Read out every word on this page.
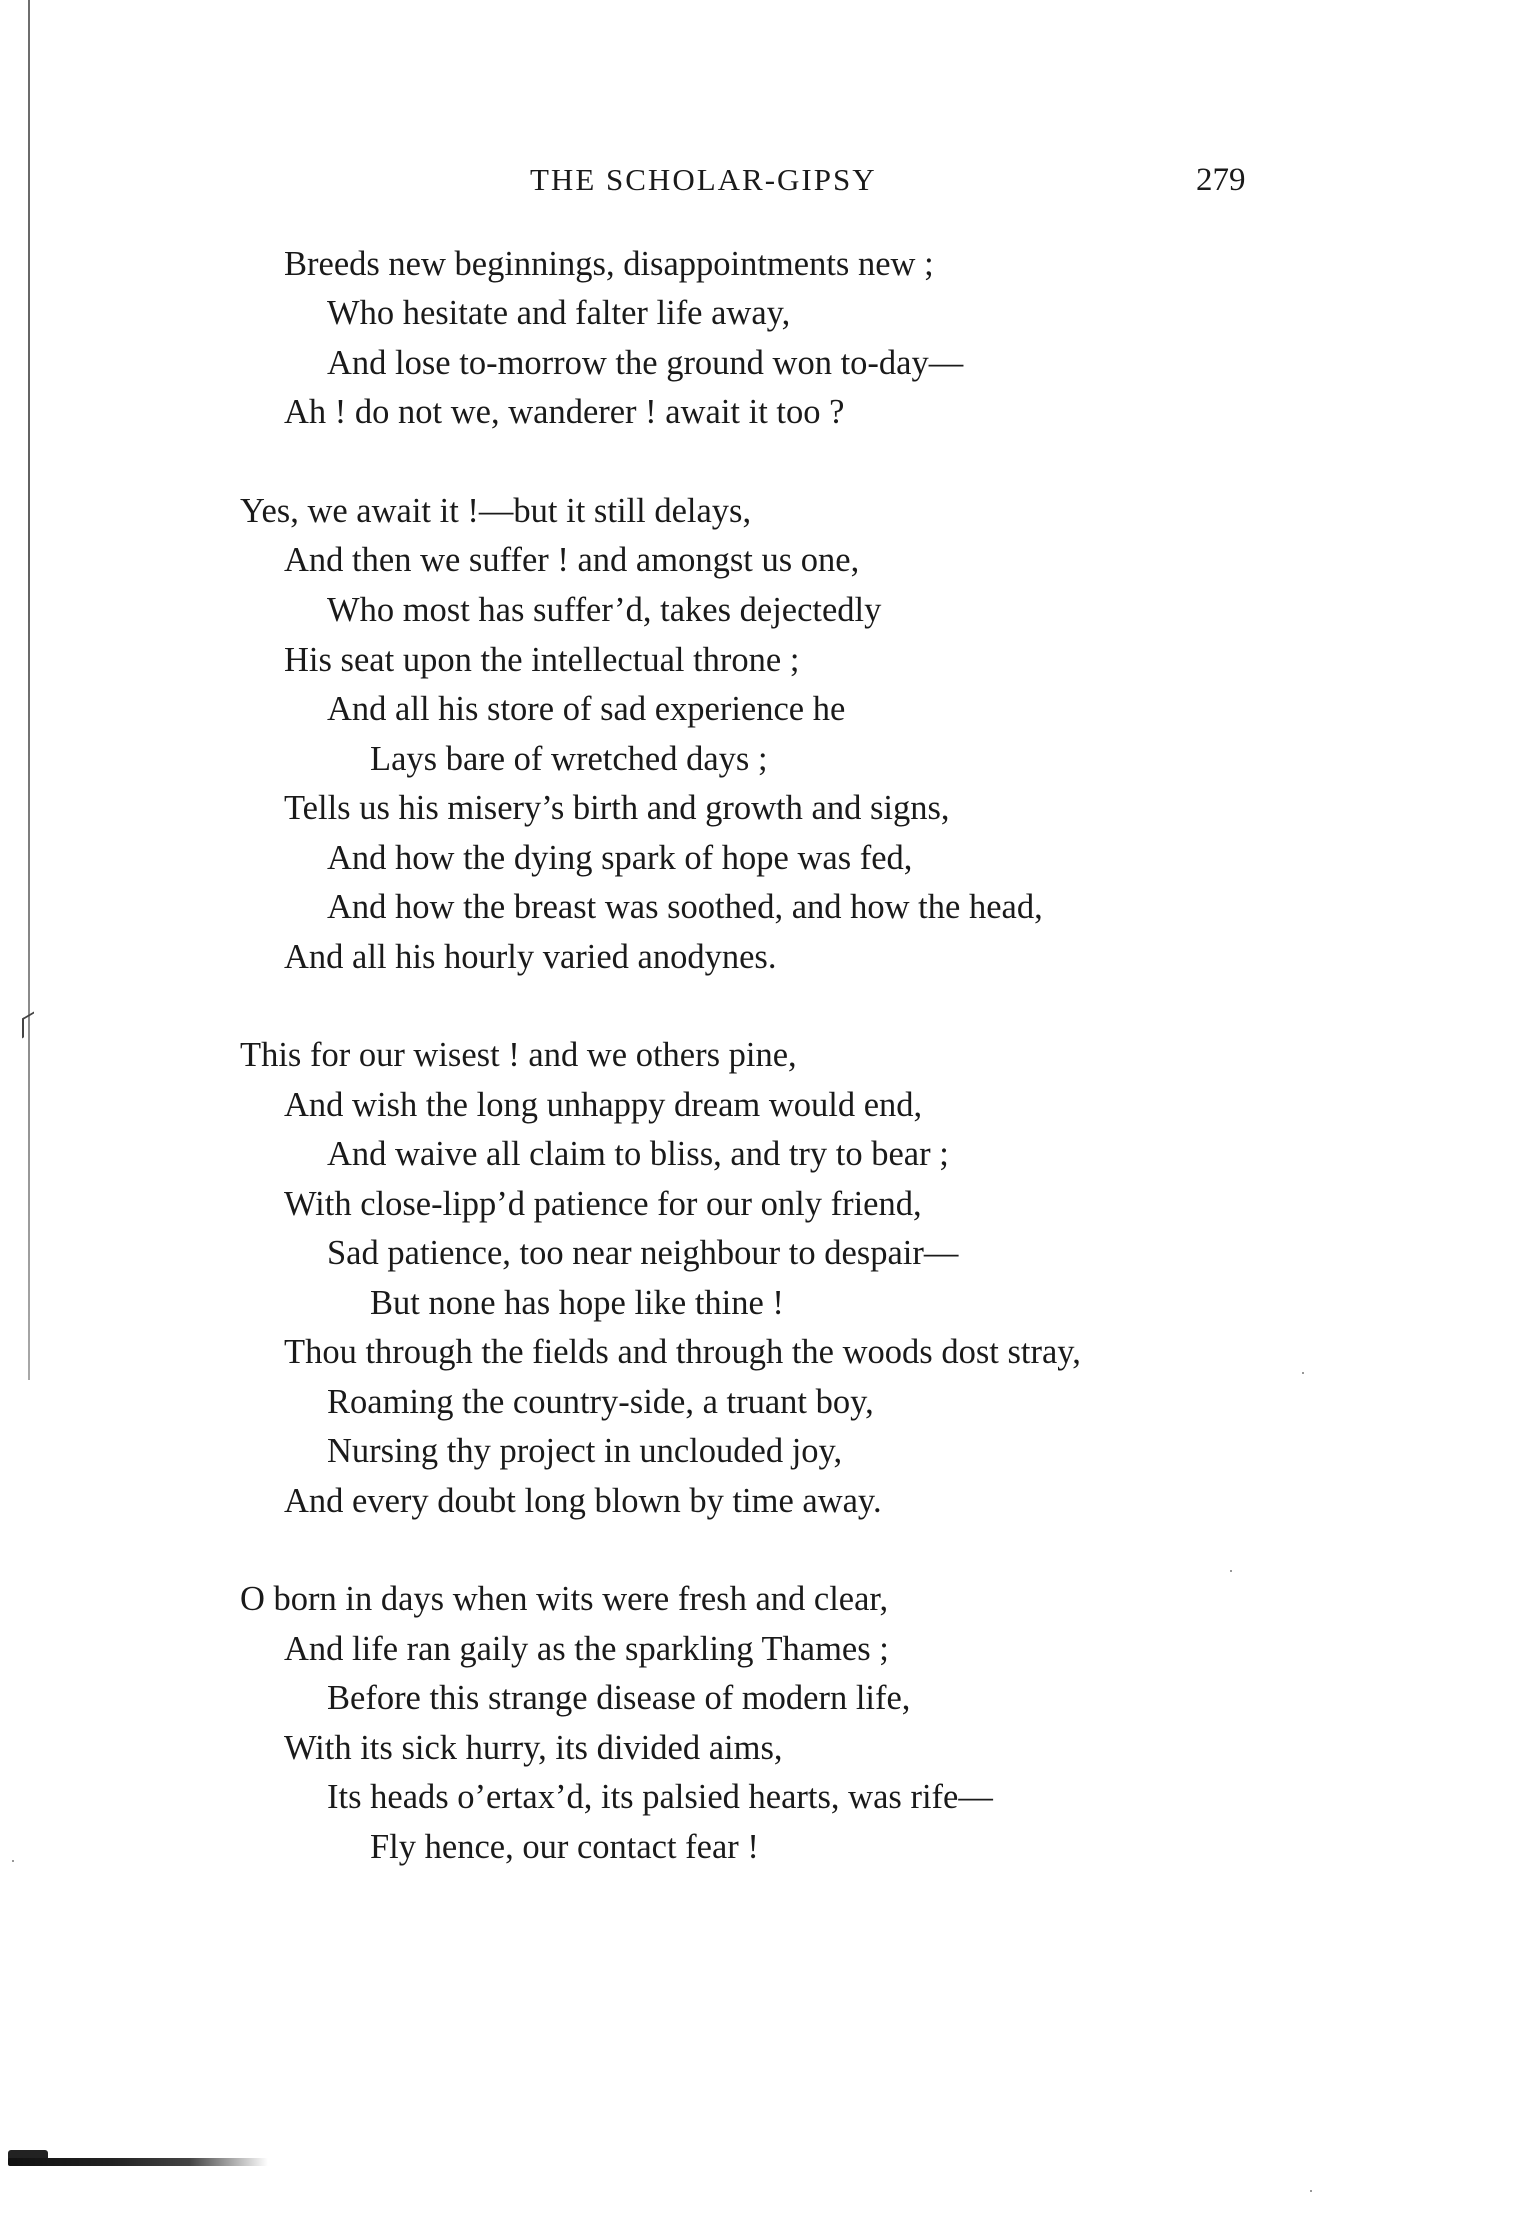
THE SCHOLAR-GIPSY	279
Breeds new beginnings, disappointments new ;
Who hesitate and falter life away,
And lose to-morrow the ground won to-day—
Ah ! do not we, wanderer ! await it too ?
Yes, we await it !—but it still delays,
And then we suffer ! and amongst us one,
Who most has suffer’d, takes dejectedly
His seat upon the intellectual throne ;
And all his store of sad experience he
Lays bare of wretched days ;
Tells us his misery’s birth and growth and signs,
And how the dying spark of hope was fed,
And how the breast was soothed, and how the head,
And all his hourly varied anodynes.
This for our wisest ! and we others pine,
And wish the long unhappy dream would end,
And waive all claim to bliss, and try to bear ;
With close-lipp’d patience for our only friend,
Sad patience, too near neighbour to despair—
But none has hope like thine !
Thou through the fields and through the woods dost stray,
Roaming the country-side, a truant boy,
Nursing thy project in unclouded joy,
And every doubt long blown by time away.
O born in days when wits were fresh and clear,
And life ran gaily as the sparkling Thames ;
Before this strange disease of modern life,
With its sick hurry, its divided aims,
Its heads o’ertax’d, its palsied hearts, was rife—
Fly hence, our contact fear !
